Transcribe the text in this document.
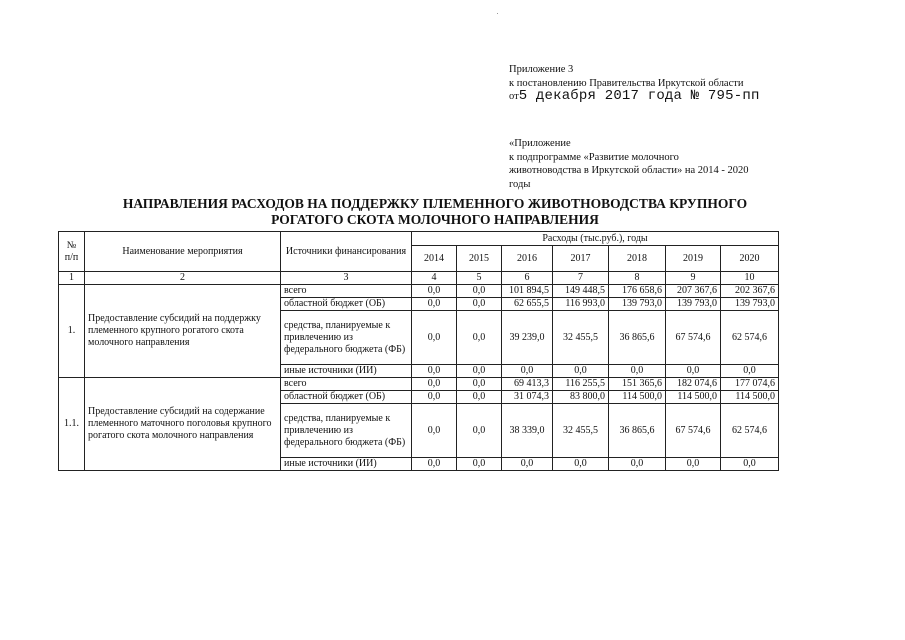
Приложение 3
к постановлению Правительства Иркутской области
от5 декабря 2017 года № 795-пп
«Приложение
к подпрограмме «Развитие молочного
животноводства в Иркутской области» на 2014 - 2020
годы
НАПРАВЛЕНИЯ РАСХОДОВ НА ПОДДЕРЖКУ ПЛЕМЕННОГО ЖИВОТНОВОДСТВА КРУПНОГО
РОГАТОГО СКОТА МОЛОЧНОГО НАПРАВЛЕНИЯ
№ п/п	Наименование мероприятия	Источники финансирования	Расходы (тыс.руб.), годы						
			2014	2015	2016	2017	2018	2019	2020
1	2	3	4	5	6	7	8	9	10
1.	Предоставление субсидий на поддержку племенного крупного рогатого скота молочного направления	всего	0,0	0,0	101 894,5	149 448,5	176 658,6	207 367,6	202 367,6
		областной бюджет (ОБ)	0,0	0,0	62 655,5	116 993,0	139 793,0	139 793,0	139 793,0
		средства, планируемые к привлечению из федерального бюджета (ФБ)	0,0	0,0	39 239,0	32 455,5	36 865,6	67 574,6	62 574,6
		иные источники (ИИ)	0,0	0,0	0,0	0,0	0,0	0,0	0,0
1.1.	Предоставление субсидий на содержание племенного маточного поголовья крупного рогатого скота молочного направления	всего	0,0	0,0	69 413,3	116 255,5	151 365,6	182 074,6	177 074,6
		областной бюджет (ОБ)	0,0	0,0	31 074,3	83 800,0	114 500,0	114 500,0	114 500,0
		средства, планируемые к привлечению из федерального бюджета (ФБ)	0,0	0,0	38 339,0	32 455,5	36 865,6	67 574,6	62 574,6
		иные источники (ИИ)	0,0	0,0	0,0	0,0	0,0	0,0	0,0
